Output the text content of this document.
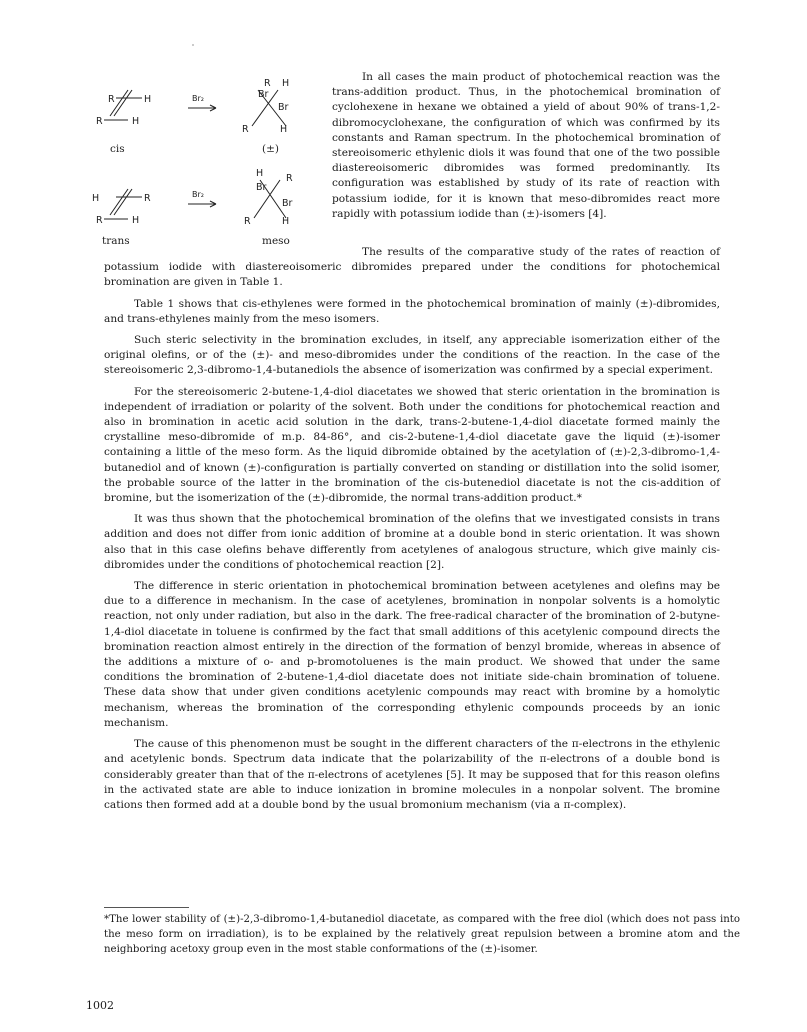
R	H
R	H
cis
Br₂
R H
Br
Br
R	H
(±)
H	R
R	H
trans
Br₂
H R
Br
Br
R	H
meso

In all cases the main product of photochemical reaction was the trans-addition product. Thus, in the photochemical bromination of cyclohexene in hexane we obtained a yield of about 90% of trans-1,2-dibromocyclohexane, the configuration of which was confirmed by its constants and Raman spectrum. In the photochemical bromination of stereoisomeric ethylenic diols it was found that one of the two possible diastereoisomeric dibromides was formed predominantly. Its configuration was established by study of its rate of reaction with potassium iodide, for it is known that meso-dibromides react more rapidly with potassium iodide than (±)-isomers [4].

The results of the comparative study of the rates of reaction of potassium iodide with diastereoisomeric dibromides prepared under the conditions for photochemical bromination are given in Table 1.

Table 1 shows that cis-ethylenes were formed in the photochemical bromination of mainly (±)-dibromides, and trans-ethylenes mainly from the meso isomers.

Such steric selectivity in the bromination excludes, in itself, any appreciable isomerization either of the original olefins, or of the (±)- and meso-dibromides under the conditions of the reaction. In the case of the stereoisomeric 2,3-dibromo-1,4-butanediols the absence of isomerization was confirmed by a special experiment.

For the stereoisomeric 2-butene-1,4-diol diacetates we showed that steric orientation in the bromination is independent of irradiation or polarity of the solvent. Both under the conditions for photochemical reaction and also in bromination in acetic acid solution in the dark, trans-2-butene-1,4-diol diacetate formed mainly the crystalline meso-dibromide of m.p. 84-86°, and cis-2-butene-1,4-diol diacetate gave the liquid (±)-isomer containing a little of the meso form. As the liquid dibromide obtained by the acetylation of (±)-2,3-dibromo-1,4-butanediol and of known (±)-configuration is partially converted on standing or distillation into the solid isomer, the probable source of the latter in the bromination of the cis-butenediol diacetate is not the cis-addition of bromine, but the isomerization of the (±)-dibromide, the normal trans-addition product.*

It was thus shown that the photochemical bromination of the olefins that we investigated consists in trans addition and does not differ from ionic addition of bromine at a double bond in steric orientation. It was shown also that in this case olefins behave differently from acetylenes of analogous structure, which give mainly cis-dibromides under the conditions of photochemical reaction [2].

The difference in steric orientation in photochemical bromination between acetylenes and olefins may be due to a difference in mechanism. In the case of acetylenes, bromination in nonpolar solvents is a homolytic reaction, not only under radiation, but also in the dark. The free-radical character of the bromination of 2-butyne-1,4-diol diacetate in toluene is confirmed by the fact that small additions of this acetylenic compound directs the bromination reaction almost entirely in the direction of the formation of benzyl bromide, whereas in absence of the additions a mixture of o- and p-bromotoluenes is the main product. We showed that under the same conditions the bromination of 2-butene-1,4-diol diacetate does not initiate side-chain bromination of toluene. These data show that under given conditions acetylenic compounds may react with bromine by a homolytic mechanism, whereas the bromination of the corresponding ethylenic compounds proceeds by an ionic mechanism.

The cause of this phenomenon must be sought in the different characters of the π-electrons in the ethylenic and acetylenic bonds. Spectrum data indicate that the polarizability of the π-electrons of a double bond is considerably greater than that of the π-electrons of acetylenes [5]. It may be supposed that for this reason olefins in the activated state are able to induce ionization in bromine molecules in a nonpolar solvent. The bromine cations then formed add at a double bond by the usual bromonium mechanism (via a π-complex).

*The lower stability of (±)-2,3-dibromo-1,4-butanediol diacetate, as compared with the free diol (which does not pass into the meso form on irradiation), is to be explained by the relatively great repulsion between a bromine atom and the neighboring acetoxy group even in the most stable conformations of the (±)-isomer.

1002
